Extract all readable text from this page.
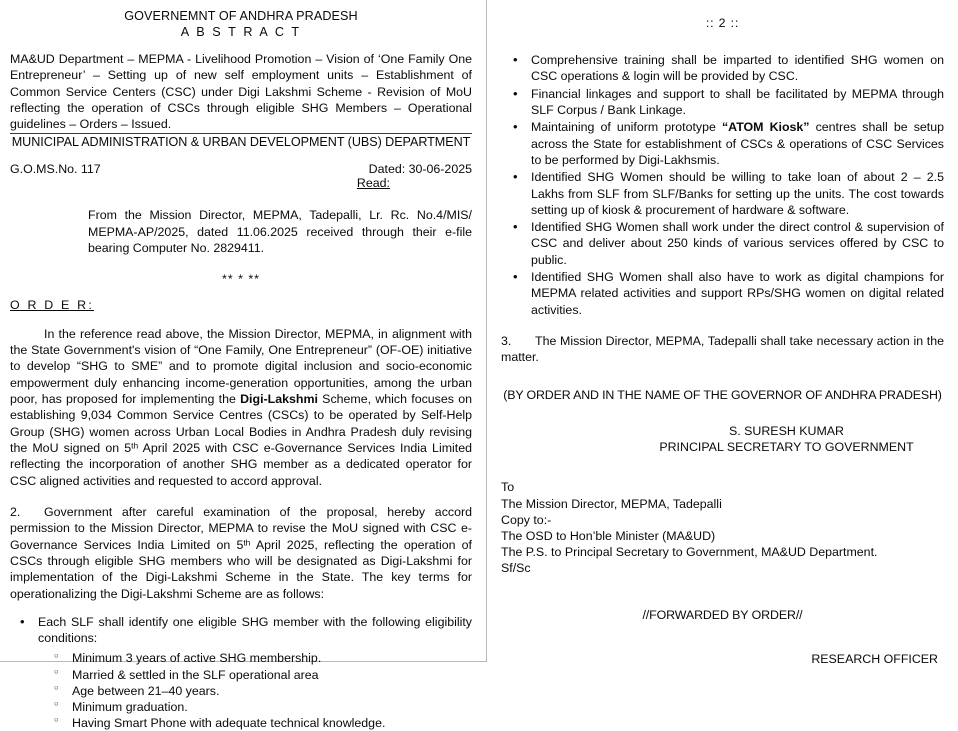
GOVERNEMNT OF ANDHRA PRADESH
A B S T R A C T
MA&UD Department – MEPMA - Livelihood Promotion – Vision of ‘One Family One Entrepreneur’ – Setting up of new self employment units – Establishment of Common Service Centers (CSC) under Digi Lakshmi Scheme - Revision of MoU reflecting the operation of CSCs through eligible SHG Members – Operational guidelines – Orders – Issued.
MUNICIPAL ADMINISTRATION & URBAN DEVELOPMENT (UBS) DEPARTMENT
G.O.MS.No. 117	Dated: 30-06-2025
Read:
From the Mission Director, MEPMA, Tadepalli, Lr. Rc. No.4/MIS/ MEPMA-AP/2025, dated 11.06.2025 received through their e-file bearing Computer No. 2829411.
** * **
O R D E R:

In the reference read above, the Mission Director, MEPMA, in alignment with the State Government's vision of “One Family, One Entrepreneur” (OF-OE) initiative to develop “SHG to SME” and to promote digital inclusion and socio-economic empowerment duly enhancing income-generation opportunities, among the urban poor, has proposed for implementing the Digi-Lakshmi Scheme, which focuses on establishing 9,034 Common Service Centres (CSCs) to be operated by Self-Help Group (SHG) women across Urban Local Bodies in Andhra Pradesh duly revising the MoU signed on 5th April 2025 with CSC e-Governance Services India Limited reflecting the incorporation of another SHG member as a dedicated operator for CSC aligned activities and requested to accord approval.

2. Government after careful examination of the proposal, hereby accord permission to the Mission Director, MEPMA to revise the MoU signed with CSC e-Governance Services India Limited on 5th April 2025, reflecting the operation of CSCs through eligible SHG members who will be designated as Digi-Lakshmi for implementation of the Digi-Lakshmi Scheme in the State. The key terms for operationalizing the Digi-Lakshmi Scheme are as follows:

• Each SLF shall identify one eligible SHG member with the following eligibility conditions:
○ Minimum 3 years of active SHG membership.
○ Married & settled in the SLF operational area
○ Age between 21–40 years.
○ Minimum graduation.
○ Having Smart Phone with adequate technical knowledge.
:: 2 ::
• Comprehensive training shall be imparted to identified SHG women on CSC operations & login will be provided by CSC.
• Financial linkages and support to shall be facilitated by MEPMA through SLF Corpus / Bank Linkage.
• Maintaining of uniform prototype “ATOM Kiosk” centres shall be setup across the State for establishment of CSCs & operations of CSC Services to be performed by Digi-Lakhsmis.
• Identified SHG Women should be willing to take loan of about 2 – 2.5 Lakhs from SLF from SLF/Banks for setting up the units. The cost towards setting up of kiosk & procurement of hardware & software.
• Identified SHG Women shall work under the direct control & supervision of CSC and deliver about 250 kinds of various services offered by CSC to public.
• Identified SHG Women shall also have to work as digital champions for MEPMA related activities and support RPs/SHG women on digital related activities.

3. The Mission Director, MEPMA, Tadepalli shall take necessary action in the matter.

(BY ORDER AND IN THE NAME OF THE GOVERNOR OF ANDHRA PRADESH)
S. SURESH KUMAR
PRINCIPAL SECRETARY TO GOVERNMENT
To
The Mission Director, MEPMA, Tadepalli
Copy to:-
The OSD to Hon’ble Minister (MA&UD)
The P.S. to Principal Secretary to Government, MA&UD Department.
Sf/Sc
//FORWARDED BY ORDER//
RESEARCH OFFICER
